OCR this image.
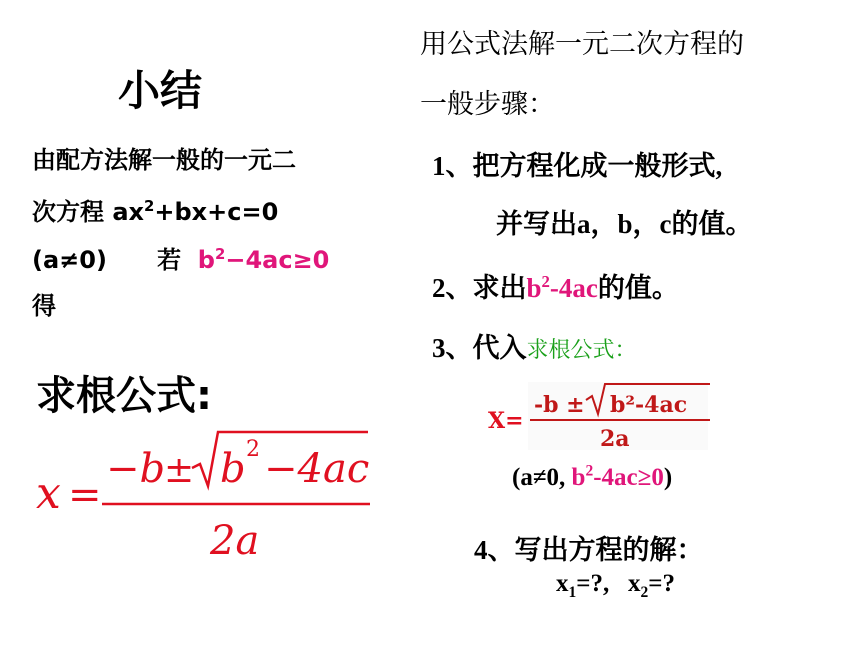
小结
由配方法解一般的一元二
次方程 $ax^2+bx+c=0$
(a≠0)      若  $b^2-4ac\ge 0$
得
求根公式:
x =
−b
± b 2 −4ac
2a
用公式法解一元二次方程的
一般步骤：
1、把方程化成一般形式,
并写出a，b，c的值。
2、求出$b^2-4ac$的值。
3、代入求根公式：
X=
-b ± b²-4ac
2a
(a≠0, $b^2-4ac\ge 0$)
4、写出方程的解：
$x_1=$?,   $x_2=$?
